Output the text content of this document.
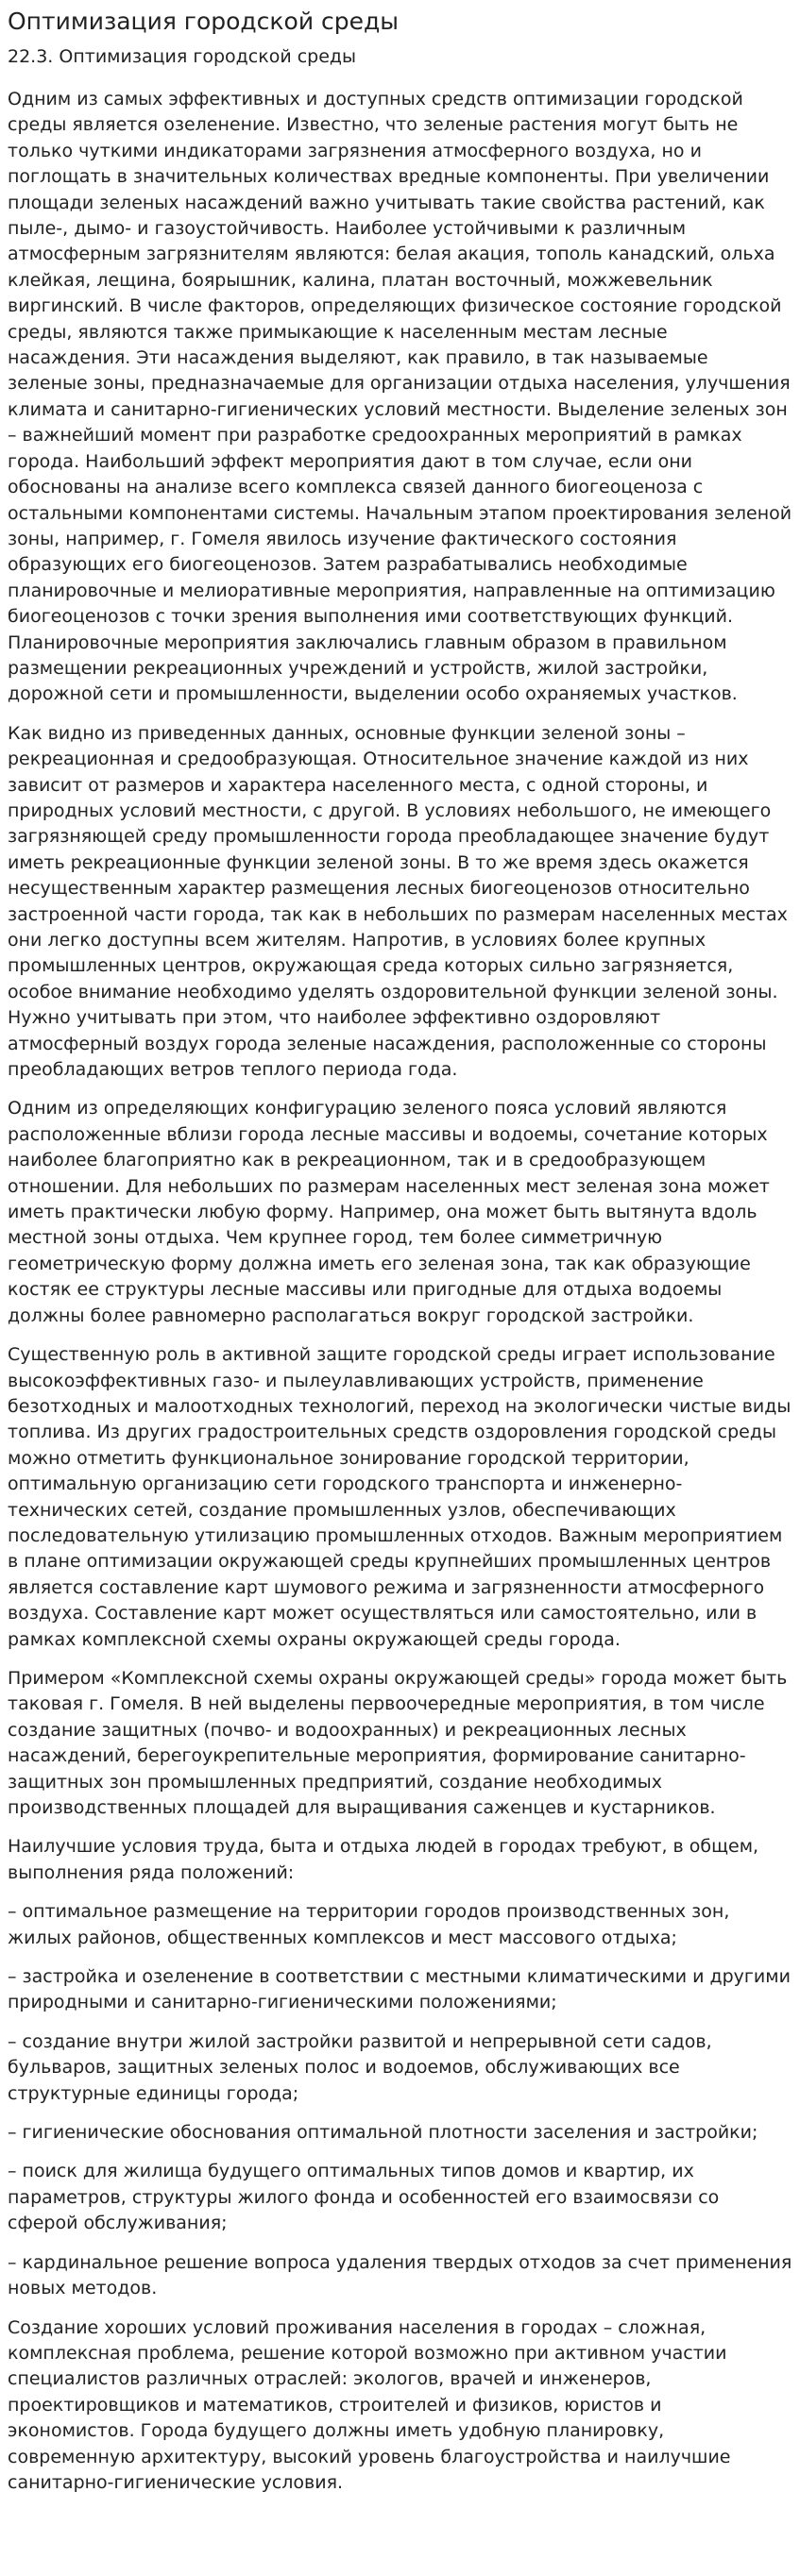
Оптимизация городской среды
22.3. Оптимизация городской среды

Одним из самых эффективных и доступных средств оптимизации городской среды является озеленение. Известно, что зеленые растения могут быть не только чуткими индикаторами загрязнения атмосферного воздуха, но и поглощать в значительных количествах вредные компоненты. При увеличении площади зеленых насаждений важно учитывать такие свойства растений, как пыле-, дымо- и газоустойчивость. Наиболее устойчивыми к различным атмосферным загрязнителям являются: белая акация, тополь канадский, ольха клейкая, лещина, боярышник, калина, платан восточный, можжевельник виргинский. В числе факторов, определяющих физическое состояние городской среды, являются также примыкающие к населенным местам лесные насаждения. Эти насаждения выделяют, как правило, в так называемые зеленые зоны, предназначаемые для организации отдыха населения, улучшения климата и санитарно-гигиенических условий местности. Выделение зеленых зон – важнейший момент при разработке средоохранных мероприятий в рамках города. Наибольший эффект мероприятия дают в том случае, если они обоснованы на анализе всего комплекса связей данного биогеоценоза с остальными компонентами системы. Начальным этапом проектирования зеленой зоны, например, г. Гомеля явилось изучение фактического состояния образующих его биогеоценозов. Затем разрабатывались необходимые планировочные и мелиоративные мероприятия, направленные на оптимизацию биогеоценозов с точки зрения выполнения ими соответствующих функций. Планировочные мероприятия заключались главным образом в правильном размещении рекреационных учреждений и устройств, жилой застройки, дорожной сети и промышленности, выделении особо охраняемых участков.

Как видно из приведенных данных, основные функции зеленой зоны – рекреационная и средообразующая. Относительное значение каждой из них зависит от размеров и характера населенного места, с одной стороны, и природных условий местности, с другой. В условиях небольшого, не имеющего загрязняющей среду промышленности города преобладающее значение будут иметь рекреационные функции зеленой зоны. В то же время здесь окажется несущественным характер размещения лесных биогеоценозов относительно застроенной части города, так как в небольших по размерам населенных местах они легко доступны всем жителям. Напротив, в условиях более крупных промышленных центров, окружающая среда которых сильно загрязняется, особое внимание необходимо уделять оздоровительной функции зеленой зоны. Нужно учитывать при этом, что наиболее эффективно оздоровляют атмосферный воздух города зеленые насаждения, расположенные со стороны преобладающих ветров теплого периода года.

Одним из определяющих конфигурацию зеленого пояса условий являются расположенные вблизи города лесные массивы и водоемы, сочетание которых наиболее благоприятно как в рекреационном, так и в средообразующем отношении. Для небольших по размерам населенных мест зеленая зона может иметь практически любую форму. Например, она может быть вытянута вдоль местной зоны отдыха. Чем крупнее город, тем более симметричную геометрическую форму должна иметь его зеленая зона, так как образующие костяк ее структуры лесные массивы или пригодные для отдыха водоемы должны более равномерно располагаться вокруг городской застройки.

Существенную роль в активной защите городской среды играет использование высокоэффективных газо- и пылеулавливающих устройств, применение безотходных и малоотходных технологий, переход на экологически чистые виды топлива. Из других градостроительных средств оздоровления городской среды можно отметить функциональное зонирование городской территории, оптимальную организацию сети городского транспорта и инженерно-технических сетей, создание промышленных узлов, обеспечивающих последовательную утилизацию промышленных отходов. Важным мероприятием в плане оптимизации окружающей среды крупнейших промышленных центров является составление карт шумового режима и загрязненности атмосферного воздуха. Составление карт может осуществляться или самостоятельно, или в рамках комплексной схемы охраны окружающей среды города.

Примером «Комплексной схемы охраны окружающей среды» города может быть таковая г. Гомеля. В ней выделены первоочередные мероприятия, в том числе создание защитных (почво- и водоохранных) и рекреационных лесных насаждений, берегоукрепительные мероприятия, формирование санитарно-защитных зон промышленных предприятий, создание необходимых производственных площадей для выращивания саженцев и кустарников.

Наилучшие условия труда, быта и отдыха людей в городах требуют, в общем, выполнения ряда положений:

– оптимальное размещение на территории городов производственных зон, жилых районов, общественных комплексов и мест массового отдыха;

– застройка и озеленение в соответствии с местными климатическими и другими природными и санитарно-гигиеническими положениями;

– создание внутри жилой застройки развитой и непрерывной сети садов, бульваров, защитных зеленых полос и водоемов, обслуживающих все структурные единицы города;

– гигиенические обоснования оптимальной плотности заселения и застройки;

– поиск для жилища будущего оптимальных типов домов и квартир, их параметров, структуры жилого фонда и особенностей его взаимосвязи со сферой обслуживания;

– кардинальное решение вопроса удаления твердых отходов за счет применения новых методов.

Создание хороших условий проживания населения в городах – сложная, комплексная проблема, решение которой возможно при активном участии специалистов различных отраслей: экологов, врачей и инженеров, проектировщиков и математиков, строителей и физиков, юристов и экономистов. Города будущего должны иметь удобную планировку, современную архитектуру, высокий уровень благоустройства и наилучшие санитарно-гигиенические условия.
